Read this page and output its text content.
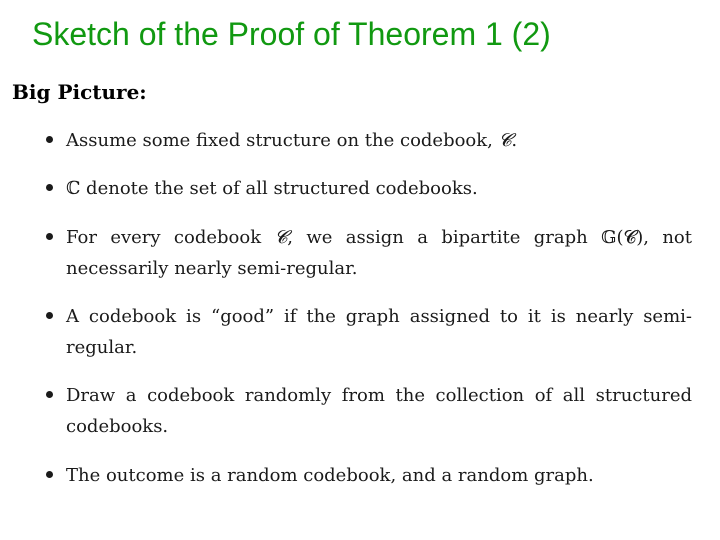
Sketch of the Proof of Theorem 1 (2)
Big Picture:
Assume some fixed structure on the codebook, 𝓒.
ℂ denote the set of all structured codebooks.
For every codebook 𝓒, we assign a bipartite graph 𝔾(𝓒), not necessarily nearly semi-regular.
A codebook is “good” if the graph assigned to it is nearly semi-regular.
Draw a codebook randomly from the collection of all structured codebooks.
The outcome is a random codebook, and a random graph.
